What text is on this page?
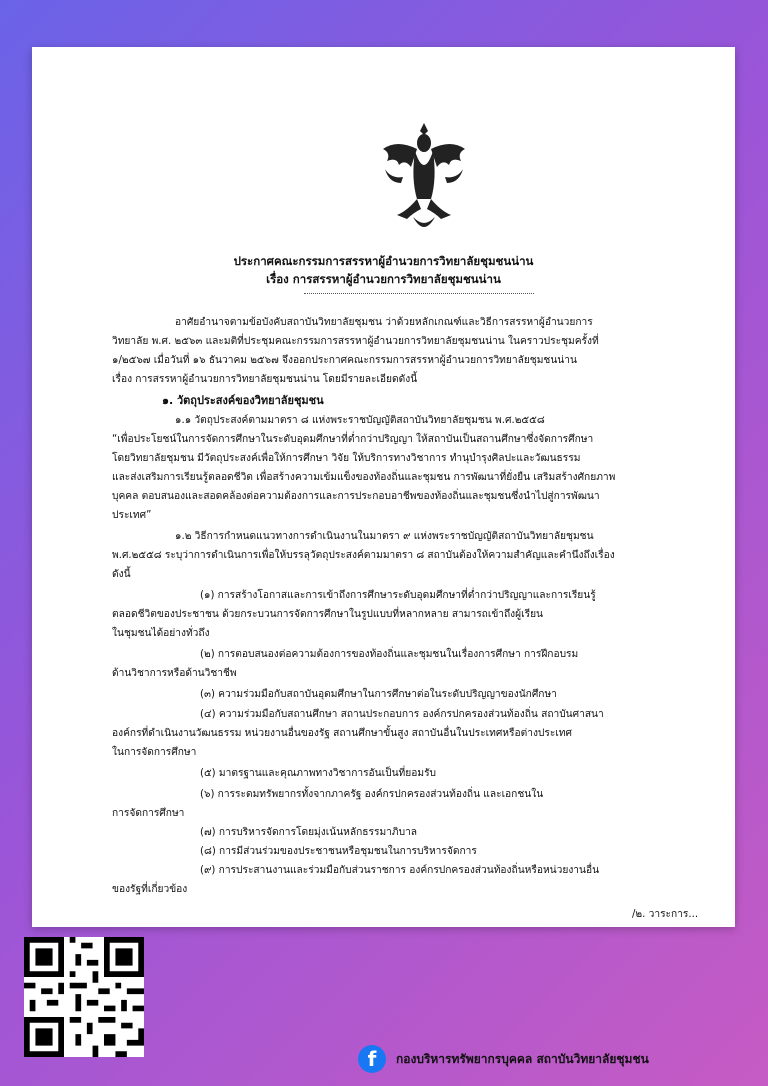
ประกาศคณะกรรมการสรรหาผู้อำนวยการวิทยาลัยชุมชนน่าน
เรื่อง การสรรหาผู้อำนวยการวิทยาลัยชุมชนน่าน
อาศัยอำนาจตามข้อบังคับสถาบันวิทยาลัยชุมชน ว่าด้วยหลักเกณฑ์และวิธีการสรรหาผู้อำนวยการ
วิทยาลัย พ.ศ. ๒๕๖๓ และมติที่ประชุมคณะกรรมการสรรหาผู้อำนวยการวิทยาลัยชุมชนน่าน ในคราวประชุมครั้งที่
๑/๒๕๖๗ เมื่อวันที่ ๑๖ ธันวาคม ๒๕๖๗ จึงออกประกาศคณะกรรมการสรรหาผู้อำนวยการวิทยาลัยชุมชนน่าน
เรื่อง การสรรหาผู้อำนวยการวิทยาลัยชุมชนน่าน โดยมีรายละเอียดดังนี้
๑. วัตถุประสงค์ของวิทยาลัยชุมชน
๑.๑ วัตถุประสงค์ตามมาตรา ๘ แห่งพระราชบัญญัติสถาบันวิทยาลัยชุมชน พ.ศ.๒๕๕๘
“เพื่อประโยชน์ในการจัดการศึกษาในระดับอุดมศึกษาที่ต่ำกว่าปริญญา ให้สถาบันเป็นสถานศึกษาซึ่งจัดการศึกษา
โดยวิทยาลัยชุมชน มีวัตถุประสงค์เพื่อให้การศึกษา วิจัย ให้บริการทางวิชาการ ทำนุบำรุงศิลปะและวัฒนธรรม
และส่งเสริมการเรียนรู้ตลอดชีวิต เพื่อสร้างความเข้มแข็งของท้องถิ่นและชุมชน การพัฒนาที่ยั่งยืน เสริมสร้างศักยภาพ
บุคคล ตอบสนองและสอดคล้องต่อความต้องการและการประกอบอาชีพของท้องถิ่นและชุมชนซึ่งนำไปสู่การพัฒนา
ประเทศ”
๑.๒ วิธีการกำหนดแนวทางการดำเนินงานในมาตรา ๙ แห่งพระราชบัญญัติสถาบันวิทยาลัยชุมชน
พ.ศ.๒๕๕๘ ระบุว่าการดำเนินการเพื่อให้บรรลุวัตถุประสงค์ตามมาตรา ๘ สถาบันต้องให้ความสำคัญและคำนึงถึงเรื่อง
ดังนี้
(๑) การสร้างโอกาสและการเข้าถึงการศึกษาระดับอุดมศึกษาที่ต่ำกว่าปริญญาและการเรียนรู้
ตลอดชีวิตของประชาชน ด้วยกระบวนการจัดการศึกษาในรูปแบบที่หลากหลาย สามารถเข้าถึงผู้เรียน
ในชุมชนได้อย่างทั่วถึง
(๒) การตอบสนองต่อความต้องการของท้องถิ่นและชุมชนในเรื่องการศึกษา การฝึกอบรม
ด้านวิชาการหรือด้านวิชาชีพ
(๓) ความร่วมมือกับสถาบันอุดมศึกษาในการศึกษาต่อในระดับปริญญาของนักศึกษา
(๔) ความร่วมมือกับสถานศึกษา สถานประกอบการ องค์กรปกครองส่วนท้องถิ่น สถาบันศาสนา
องค์กรที่ดำเนินงานวัฒนธรรม หน่วยงานอื่นของรัฐ สถานศึกษาขั้นสูง สถาบันอื่นในประเทศหรือต่างประเทศ
ในการจัดการศึกษา
(๕) มาตรฐานและคุณภาพทางวิชาการอันเป็นที่ยอมรับ
(๖) การระดมทรัพยากรทั้งจากภาครัฐ องค์กรปกครองส่วนท้องถิ่น และเอกชนใน
การจัดการศึกษา
(๗) การบริหารจัดการโดยมุ่งเน้นหลักธรรมาภิบาล
(๘) การมีส่วนร่วมของประชาชนหรือชุมชนในการบริหารจัดการ
(๙) การประสานงานและร่วมมือกับส่วนราชการ องค์กรปกครองส่วนท้องถิ่นหรือหน่วยงานอื่น
ของรัฐที่เกี่ยวข้อง
/๒. วาระการ...
f	กองบริหารทรัพยากรบุคคล สถาบันวิทยาลัยชุมชน
